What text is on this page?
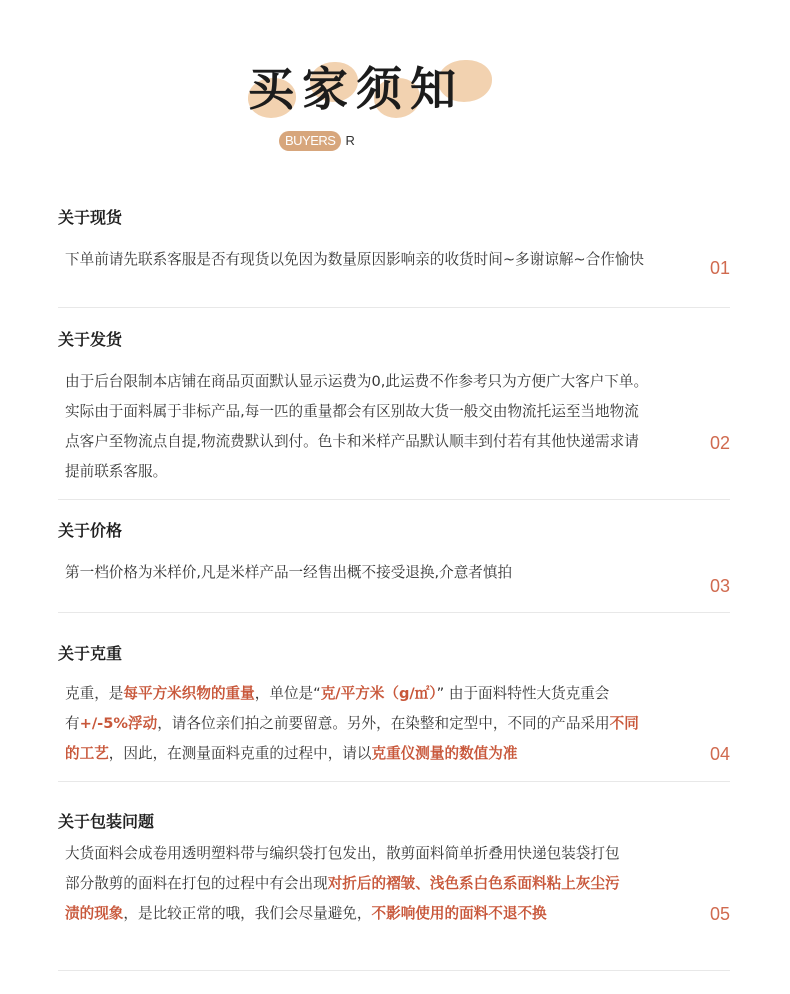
买家须知
BUYERS R
关于现货
下单前请先联系客服是否有现货以免因为数量原因影响亲的收货时间~多谢谅解~合作愉快	01
关于发货
由于后台限制本店铺在商品页面默认显示运费为0,此运费不作参考只为方便广大客户下单。
实际由于面料属于非标产品,每一匹的重量都会有区别故大货一般交由物流托运至当地物流
点客户至物流点自提,物流费默认到付。色卡和米样产品默认顺丰到付若有其他快递需求请
提前联系客服。
02
关于价格
第一档价格为米样价,凡是米样产品一经售出概不接受退换,介意者慎拍
03
关于克重
克重，是每平方米织物的重量，单位是“克/平方米（g/㎡）” 由于面料特性大货克重会
有+/-5%浮动，请各位亲们拍之前要留意。另外，在染整和定型中，不同的产品采用不同
的工艺，因此，在测量面料克重的过程中，请以克重仪测量的数值为准	04
关于包装问题
大货面料会成卷用透明塑料带与编织袋打包发出，散剪面料简单折叠用快递包装袋打包
部分散剪的面料在打包的过程中有会出现对折后的褶皱、浅色系白色系面料粘上灰尘污
渍的现象，是比较正常的哦，我们会尽量避免，不影响使用的面料不退不换	05
